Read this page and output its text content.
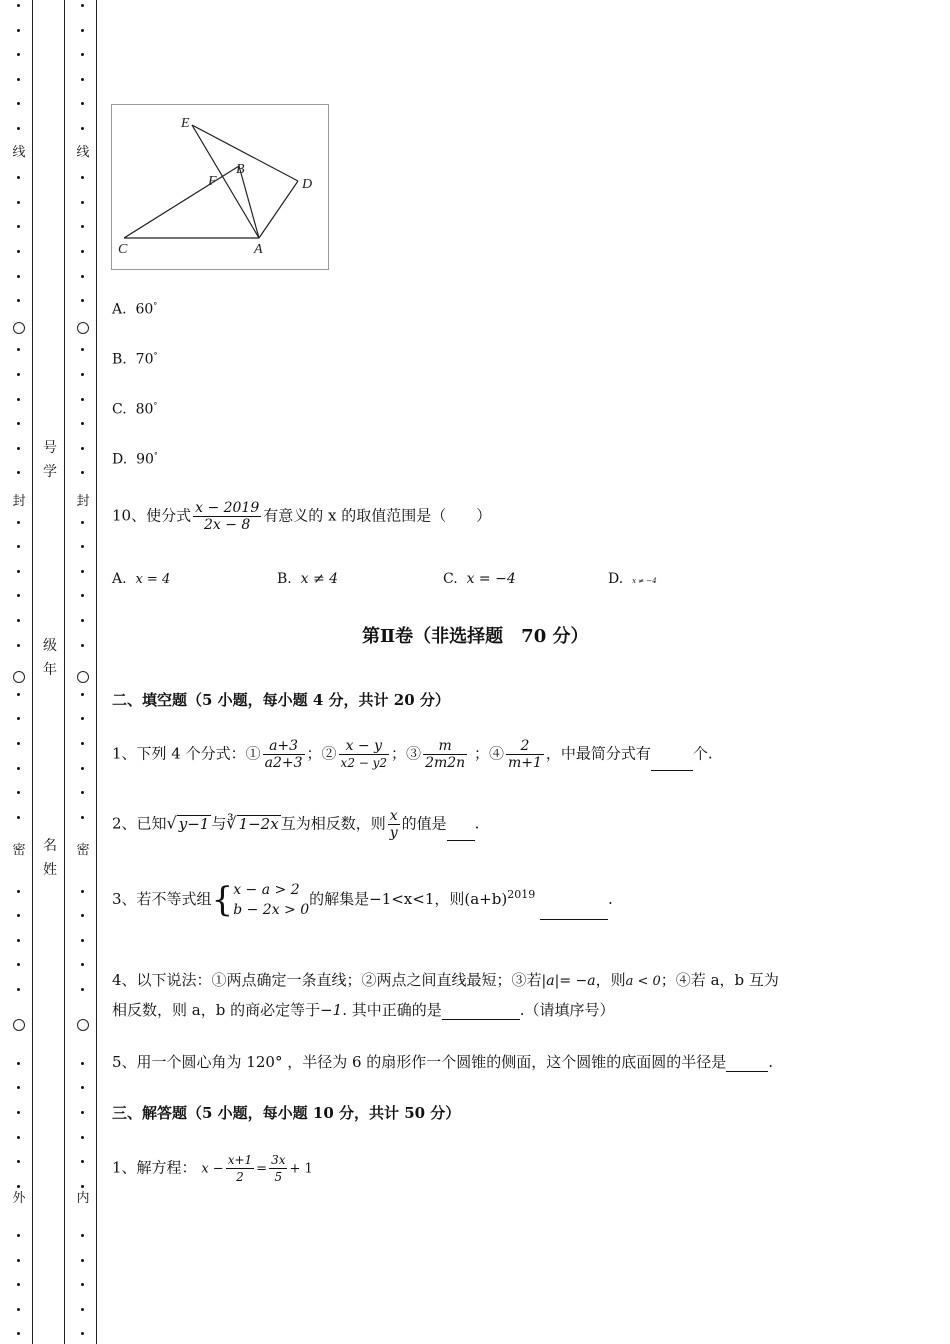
线
封
密
外
线
封
密
内
号
学
级
年
名
姓
E
B
F	D
C	A
A. 60°
B. 70°
C. 80°
D. 90°
10、使分式 $\frac{x - 2019}{2x - 8}$ 有意义的 x 的取值范围是（　　）
A. x = 4	B. x ≠ 4	C. x = −4	D. x ≠ −4
第Ⅱ卷（非选择题　70 分）
二、填空题（5 小题，每小题 4 分，共计 20 分）
1、下列 4 个分式：① $\frac{a+3}{a2+3}$ ；② $\frac{x - y}{x2 - y2}$ ；③ $\frac{m}{2m2n}$ ；④ $\frac{2}{m+1}$ ，中最简分式有	个.
2、已知√ y−1 与∛ 1−2x 互为相反数，则 $\frac{x}{y}$ 的值是 .
3、若不等式组{ x − a > 2
b − 2x > 0
的解集是−1<x<1，则$(a+b)^{2019}$	.
4、以下说法：①两点确定一条直线；②两点之间直线最短；③若|a|= −a，则a < 0；④若 a，b 互为
相反数，则 a，b 的商必定等于−1. 其中正确的是	.（请填序号）
5、用一个圆心角为 120° ，半径为 6 的扇形作一个圆锥的侧面，这个圆锥的底面圆的半径是	.
三、解答题（5 小题，每小题 10 分，共计 50 分）
1、解方程： $x - \frac{x+1}{2} = \frac{3x}{5} + 1$
